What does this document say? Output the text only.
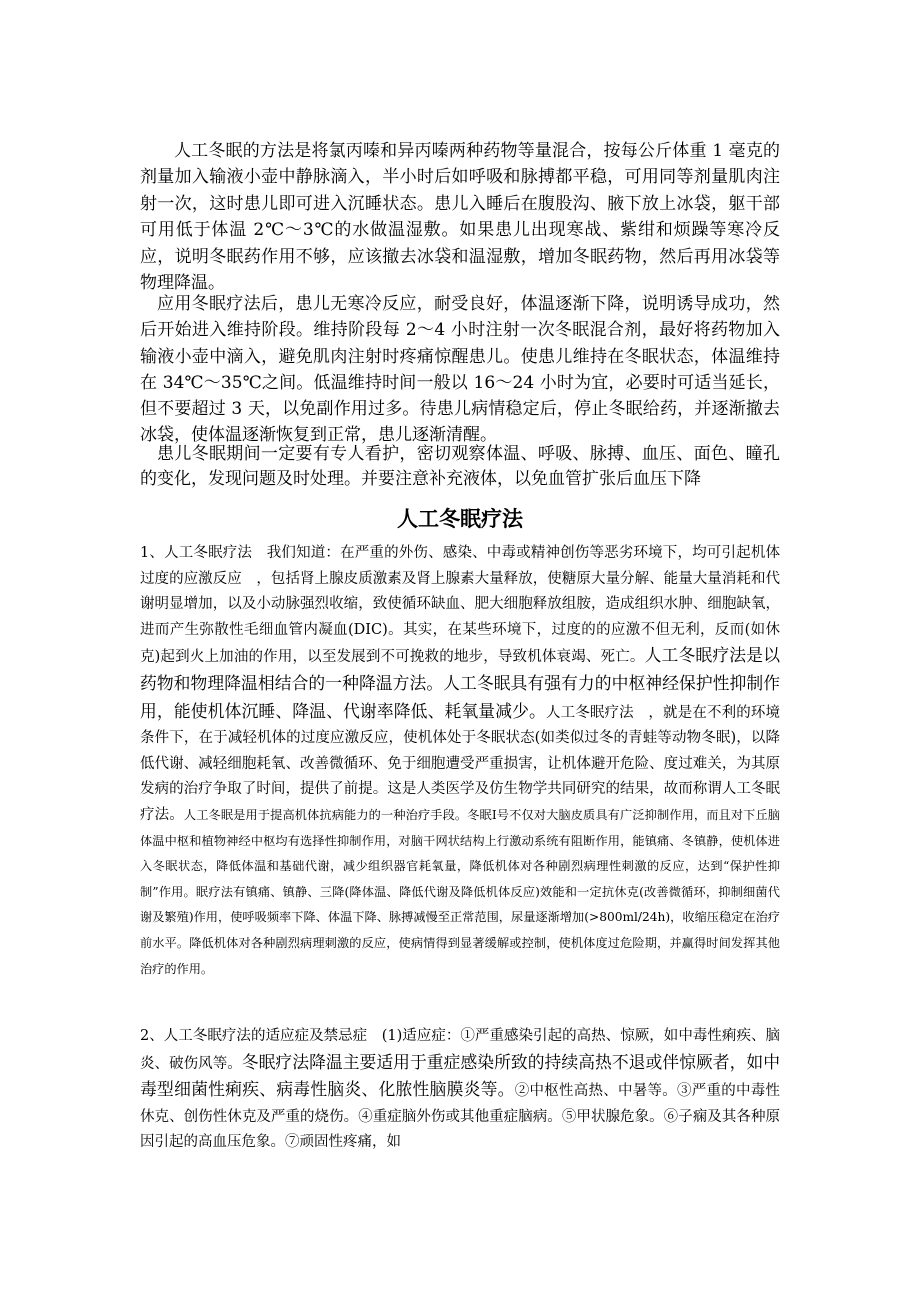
人工冬眠的方法是将氯丙嗪和异丙嗪两种药物等量混合，按每公斤体重 1 毫克的剂量加入输液小壶中静脉滴入，半小时后如呼吸和脉搏都平稳，可用同等剂量肌肉注射一次，这时患儿即可进入沉睡状态。患儿入睡后在腹股沟、腋下放上冰袋，躯干部可用低于体温 2℃～3℃的水做温湿敷。如果患儿出现寒战、紫绀和烦躁等寒冷反应，说明冬眠药作用不够，应该撤去冰袋和温湿敷，增加冬眠药物，然后再用冰袋等物理降温。

应用冬眠疗法后，患儿无寒冷反应，耐受良好，体温逐渐下降，说明诱导成功，然后开始进入维持阶段。维持阶段每 2～4 小时注射一次冬眠混合剂，最好将药物加入输液小壶中滴入，避免肌肉注射时疼痛惊醒患儿。使患儿维持在冬眠状态，体温维持在 34℃～35℃之间。低温维持时间一般以 16～24 小时为宜，必要时可适当延长，但不要超过 3 天，以免副作用过多。待患儿病情稳定后，停止冬眠给药，并逐渐撤去冰袋，使体温逐渐恢复到正常，患儿逐渐清醒。

患儿冬眠期间一定要有专人看护，密切观察体温、呼吸、脉搏、血压、面色、瞳孔的变化，发现问题及时处理。并要注意补充液体，以免血管扩张后血压下降

人工冬眠疗法

1、人工冬眠疗法　我们知道：在严重的外伤、感染、中毒或精神创伤等恶劣环境下，均可引起机体过度的应激反应　，包括肾上腺皮质激素及肾上腺素大量释放，使糖原大量分解、能量大量消耗和代谢明显增加，以及小动脉强烈收缩，致使循环缺血、肥大细胞释放组胺，造成组织水肿、细胞缺氧，进而产生弥散性毛细血管内凝血(DIC)。其实，在某些环境下，过度的的应激不但无利，反而(如休克)起到火上加油的作用，以至发展到不可挽救的地步，导致机体衰竭、死亡。人工冬眠疗法是以药物和物理降温相结合的一种降温方法。人工冬眠具有强有力的中枢神经保护性抑制作用，能使机体沉睡、降温、代谢率降低、耗氧量减少。人工冬眠疗法　，就是在不利的环境条件下，在于减轻机体的过度应激反应，使机体处于冬眠状态(如类似过冬的青蛙等动物冬眠)，以降低代谢、减轻细胞耗氧、改善微循环、免于细胞遭受严重损害，让机体避开危险、度过难关，为其原发病的治疗争取了时间，提供了前提。这是人类医学及仿生物学共同研究的结果，故而称谓人工冬眠疗法。人工冬眠是用于提高机体抗病能力的一种治疗手段。冬眠Ⅰ号不仅对大脑皮质具有广泛抑制作用，而且对下丘脑体温中枢和植物神经中枢均有选择性抑制作用，对脑干网状结构上行激动系统有阻断作用，能镇痛、冬镇静，使机体进入冬眠状态，降低体温和基础代谢，减少组织器官耗氧量，降低机体对各种剧烈病理性刺激的反应，达到“保护性抑制”作用。眠疗法有镇痛、镇静、三降(降体温、降低代谢及降低机体反应)效能和一定抗休克(改善微循环，抑制细菌代谢及繁殖)作用，使呼吸频率下降、体温下降、脉搏减慢至正常范围，尿量逐渐增加(>800ml/24h)，收缩压稳定在治疗前水平。降低机体对各种剧烈病理刺激的反应，使病情得到显著缓解或控制，使机体度过危险期，并赢得时间发挥其他治疗的作用。

2、人工冬眠疗法的适应症及禁忌症　(1)适应症：①严重感染引起的高热、惊厥，如中毒性痢疾、脑炎、破伤风等。冬眠疗法降温主要适用于重症感染所致的持续高热不退或伴惊厥者，如中毒型细菌性痢疾、病毒性脑炎、化脓性脑膜炎等。②中枢性高热、中暑等。③严重的中毒性休克、创伤性休克及严重的烧伤。④重症脑外伤或其他重症脑病。⑤甲状腺危象。⑥子痫及其各种原因引起的高血压危象。⑦顽固性疼痛，如
